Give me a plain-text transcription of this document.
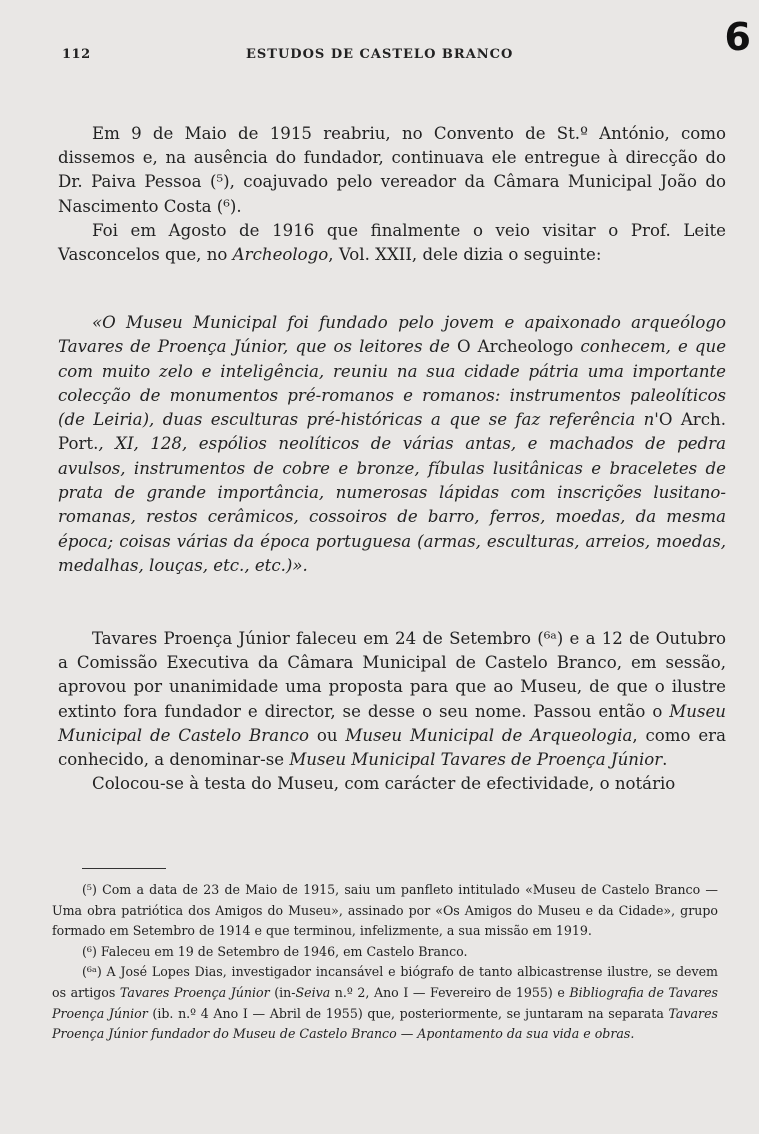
112	ESTUDOS DE CASTELO BRANCO	6

Em 9 de Maio de 1915 reabriu, no Convento de St.º António, como dissemos e, na ausência do fundador, continuava ele entregue à direcção do Dr. Paiva Pessoa (⁵), coajuvado pelo vereador da Câmara Municipal João do Nascimento Costa (⁶).

Foi em Agosto de 1916 que finalmente o veio visitar o Prof. Leite Vasconcelos que, no Archeologo, Vol. XXII, dele dizia o seguinte:

«O Museu Municipal foi fundado pelo jovem e apaixonado arqueólogo Tavares de Proença Júnior, que os leitores de O Archeologo conhecem, e que com muito zelo e inteligência, reuniu na sua cidade pátria uma importante colecção de monumentos pré-romanos e romanos: instrumentos paleolíticos (de Leiria), duas esculturas pré-históricas a que se faz referência n'O Arch. Port., XI, 128, espólios neolíticos de várias antas, e machados de pedra avulsos, instrumentos de cobre e bronze, fíbulas lusitânicas e braceletes de prata de grande importância, numerosas lápidas com inscrições lusitano-romanas, restos cerâmicos, cossoiros de barro, ferros, moedas, da mesma época; coisas várias da época portuguesa (armas, esculturas, arreios, moedas, medalhas, louças, etc., etc.)».

Tavares Proença Júnior faleceu em 24 de Setembro (⁶ᵃ) e a 12 de Outubro a Comissão Executiva da Câmara Municipal de Castelo Branco, em sessão, aprovou por unanimidade uma proposta para que ao Museu, de que o ilustre extinto fora fundador e director, se desse o seu nome. Passou então o Museu Municipal de Castelo Branco ou Museu Municipal de Arqueologia, como era conhecido, a denominar-se Museu Municipal Tavares de Proença Júnior.

Colocou-se à testa do Museu, com carácter de efectividade, o notário

(⁵) Com a data de 23 de Maio de 1915, saiu um panfleto intitulado «Museu de Castelo Branco — Uma obra patriótica dos Amigos do Museu», assinado por «Os Amigos do Museu e da Cidade», grupo formado em Setembro de 1914 e que terminou, infelizmente, a sua missão em 1919.

(⁶) Faleceu em 19 de Setembro de 1946, em Castelo Branco.

(⁶ᵃ) A José Lopes Dias, investigador incansável e biógrafo de tanto albicastrense ilustre, se devem os artigos Tavares Proença Júnior (in-Seiva n.º 2, Ano I — Fevereiro de 1955) e Bibliografia de Tavares Proença Júnior (ib. n.º 4 Ano I — Abril de 1955) que, posteriormente, se juntaram na separata Tavares Proença Júnior fundador do Museu de Castelo Branco — Apontamento da sua vida e obras.
